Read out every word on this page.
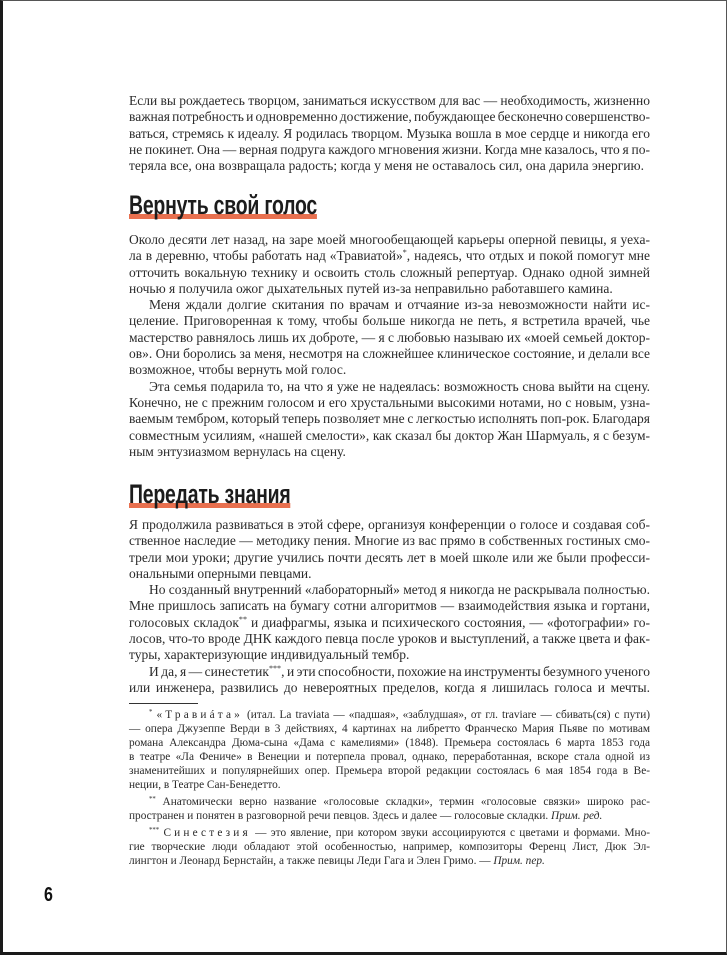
Если вы рождаетесь творцом, заниматься искусством для вас — необходимость, жизненно
важная потребность и одновременно достижение, побуждающее бесконечно совершенство-
ваться, стремясь к идеалу. Я родилась творцом. Музыка вошла в мое сердце и никогда его
не покинет. Она — верная подруга каждого мгновения жизни. Когда мне казалось, что я по-
теряла все, она возвращала радость; когда у меня не оставалось сил, она дарила энергию.
Вернуть свой голос
Около десяти лет назад, на заре моей многообещающей карьеры оперной певицы, я уеха-
ла в деревню, чтобы работать над «Травиатой»*, надеясь, что отдых и покой помогут мне
отточить вокальную технику и освоить столь сложный репертуар. Однако одной зимней
ночью я получила ожог дыхательных путей из-за неправильно работавшего камина.
Меня ждали долгие скитания по врачам и отчаяние из-за невозможности найти ис-
целение. Приговоренная к тому, чтобы больше никогда не петь, я встретила врачей, чье
мастерство равнялось лишь их доброте, — я с любовью называю их «моей семьей доктор-
ов». Они боролись за меня, несмотря на сложнейшее клиническое состояние, и делали все
возможное, чтобы вернуть мой голос.
Эта семья подарила то, на что я уже не надеялась: возможность снова выйти на сцену.
Конечно, не с прежним голосом и его хрустальными высокими нотами, но с новым, узна-
ваемым тембром, который теперь позволяет мне с легкостью исполнять поп-рок. Благодаря
совместным усилиям, «нашей смелости», как сказал бы доктор Жан Шармуаль, я с безум-
ным энтузиазмом вернулась на сцену.
Передать знания
Я продолжила развиваться в этой сфере, организуя конференции о голосе и создавая соб-
ственное наследие — методику пения. Многие из вас прямо в собственных гостиных смо-
трели мои уроки; другие учились почти десять лет в моей школе или же были професси-
ональными оперными певцами.
Но созданный внутренний «лабораторный» метод я никогда не раскрывала полностью.
Мне пришлось записать на бумагу сотни алгоритмов — взаимодействия языка и гортани,
голосовых складок** и диафрагмы, языка и психического состояния, — «фотографии» го-
лосов, что-то вроде ДНК каждого певца после уроков и выступлений, а также цвета и фак-
туры, характеризующие индивидуальный тембр.
И да, я — синестетик***, и эти способности, похожие на инструменты безумного ученого
или инженера, развились до невероятных пределов, когда я лишилась голоса и мечты.
* «Травиáта» (итал. La traviata — «падшая», «заблудшая», от гл. traviare — сбивать(ся) с пути)
— опера Джузеппе Верди в 3 действиях, 4 картинах на либретто Франческо Мария Пьяве по мотивам
романа Александра Дюма-сына «Дама с камелиями» (1848). Премьера состоялась 6 марта 1853 года
в театре «Ла Фениче» в Венеции и потерпела провал, однако, переработанная, вскоре стала одной из
знаменитейших и популярнейших опер. Премьера второй редакции состоялась 6 мая 1854 года в Ве-
неции, в Театре Сан-Бенедетто.
** Анатомически верно название «голосовые складки», термин «голосовые связки» широко рас-
пространен и понятен в разговорной речи певцов. Здесь и далее — голосовые складки. Прим. ред.
*** Синестезия — это явление, при котором звуки ассоциируются с цветами и формами. Мно-
гие творческие люди обладают этой особенностью, например, композиторы Ференц Лист, Дюк Эл-
лингтон и Леонард Бернстайн, а также певицы Леди Гага и Элен Гримо. — Прим. пер.
6
